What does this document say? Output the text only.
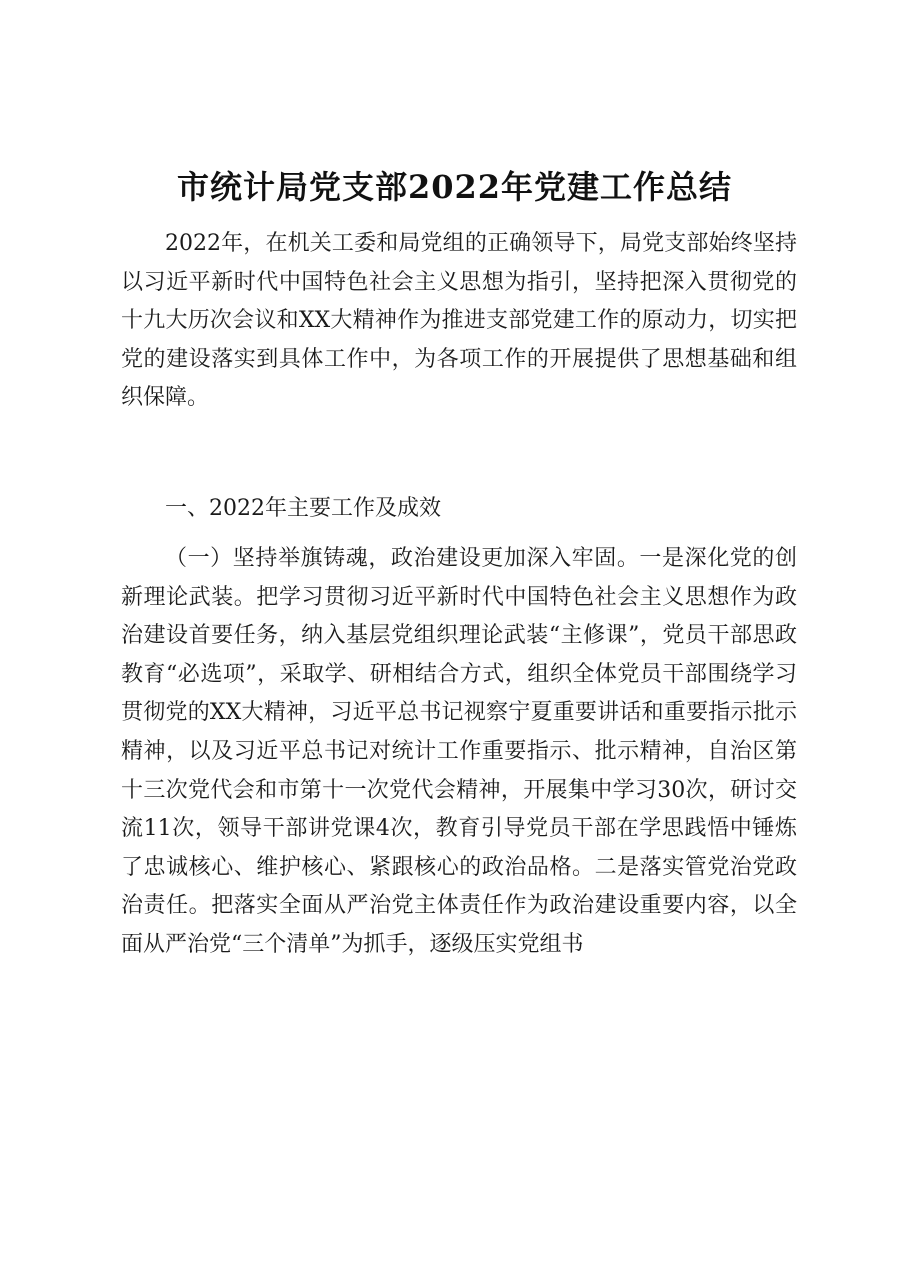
市统计局党支部2022年党建工作总结

2022年，在机关工委和局党组的正确领导下，局党支部始终坚持以习近平新时代中国特色社会主义思想为指引，坚持把深入贯彻党的十九大历次会议和XX大精神作为推进支部党建工作的原动力，切实把党的建设落实到具体工作中，为各项工作的开展提供了思想基础和组织保障。

一、2022年主要工作及成效

（一）坚持举旗铸魂，政治建设更加深入牢固。一是深化党的创新理论武装。把学习贯彻习近平新时代中国特色社会主义思想作为政治建设首要任务，纳入基层党组织理论武装“主修课”，党员干部思政教育“必选项”，采取学、研相结合方式，组织全体党员干部围绕学习贯彻党的XX大精神，习近平总书记视察宁夏重要讲话和重要指示批示精神，以及习近平总书记对统计工作重要指示、批示精神，自治区第十三次党代会和市第十一次党代会精神，开展集中学习30次，研讨交流11次，领导干部讲党课4次，教育引导党员干部在学思践悟中锤炼了忠诚核心、维护核心、紧跟核心的政治品格。二是落实管党治党政治责任。把落实全面从严治党主体责任作为政治建设重要内容，以全面从严治党“三个清单”为抓手，逐级压实党组书
